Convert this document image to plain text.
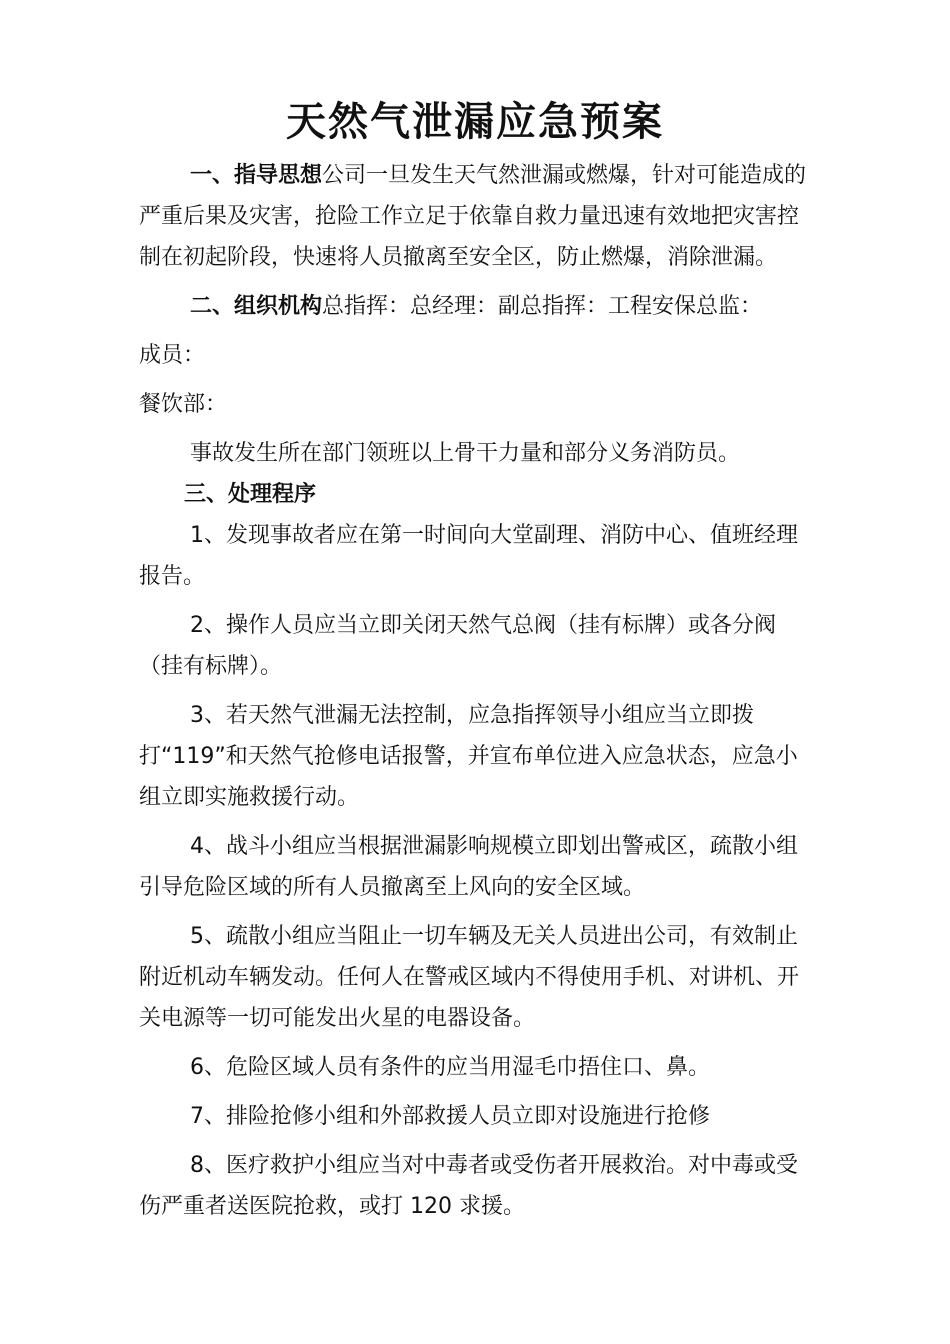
天然气泄漏应急预案

一、指导思想公司一旦发生天气然泄漏或燃爆，针对可能造成的严重后果及灾害，抢险工作立足于依靠自救力量迅速有效地把灾害控制在初起阶段，快速将人员撤离至安全区，防止燃爆，消除泄漏。

二、组织机构总指挥：总经理：副总指挥：工程安保总监：

成员：

餐饮部：

事故发生所在部门领班以上骨干力量和部分义务消防员。

三、处理程序

1、发现事故者应在第一时间向大堂副理、消防中心、值班经理报告。

2、操作人员应当立即关闭天然气总阀（挂有标牌）或各分阀（挂有标牌）。

3、若天然气泄漏无法控制，应急指挥领导小组应当立即拨打“119”和天然气抢修电话报警，并宣布单位进入应急状态，应急小组立即实施救援行动。

4、战斗小组应当根据泄漏影响规模立即划出警戒区，疏散小组引导危险区域的所有人员撤离至上风向的安全区域。

5、疏散小组应当阻止一切车辆及无关人员进出公司，有效制止附近机动车辆发动。任何人在警戒区域内不得使用手机、对讲机、开关电源等一切可能发出火星的电器设备。

6、危险区域人员有条件的应当用湿毛巾捂住口、鼻。

7、排险抢修小组和外部救援人员立即对设施进行抢修

8、医疗救护小组应当对中毒者或受伤者开展救治。对中毒或受伤严重者送医院抢救，或打 120 求援。
